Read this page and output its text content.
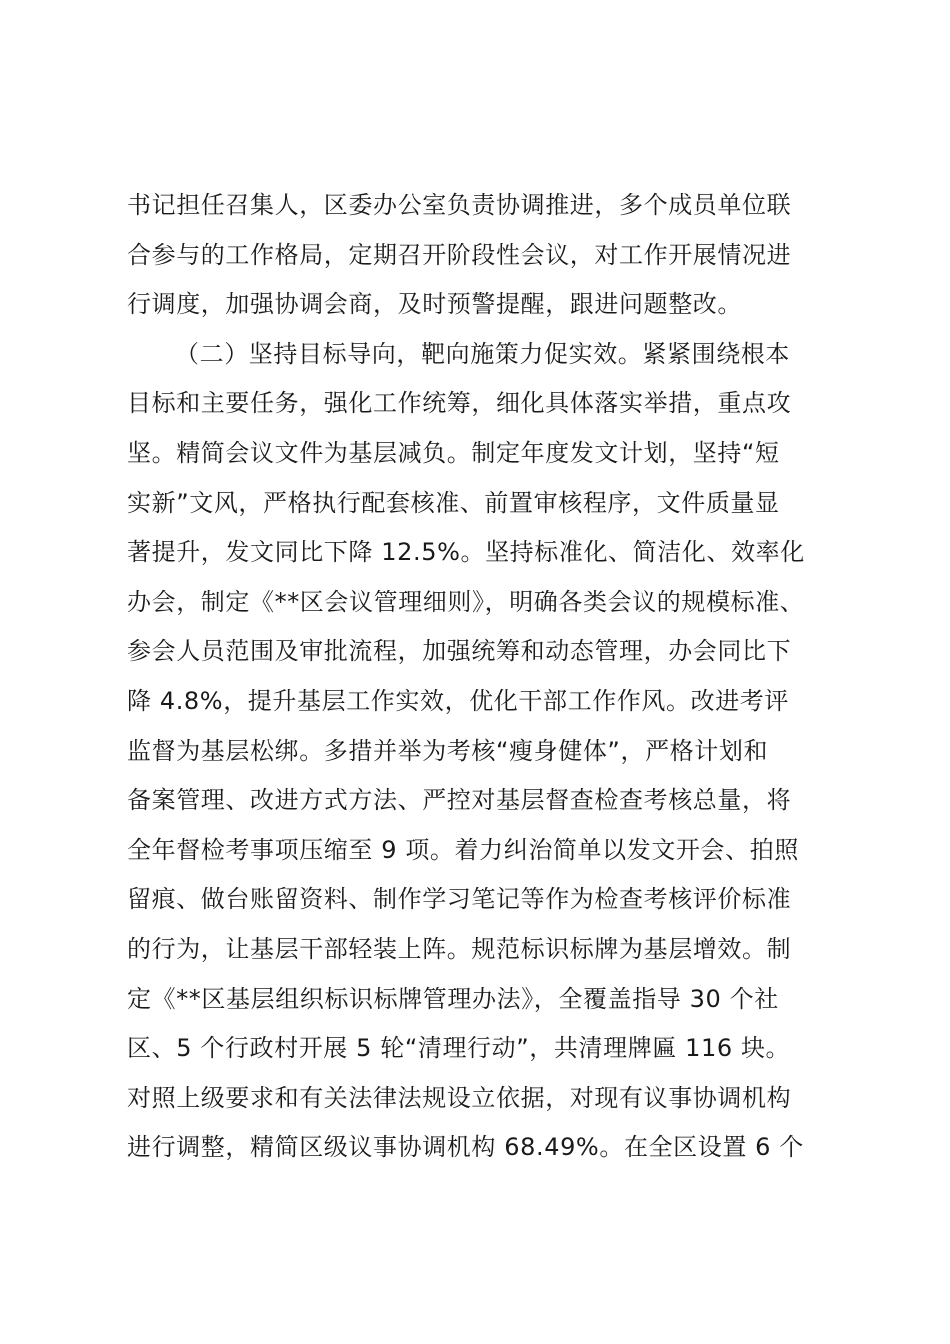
书记担任召集人，区委办公室负责协调推进，多个成员单位联
合参与的工作格局，定期召开阶段性会议，对工作开展情况进
行调度，加强协调会商，及时预警提醒，跟进问题整改。
（二）坚持目标导向，靶向施策力促实效。紧紧围绕根本
目标和主要任务，强化工作统筹，细化具体落实举措，重点攻
坚。精简会议文件为基层减负。制定年度发文计划，坚持“短
实新”文风，严格执行配套核准、前置审核程序，文件质量显
著提升，发文同比下降 12.5%。坚持标准化、简洁化、效率化
办会，制定《**区会议管理细则》，明确各类会议的规模标准、
参会人员范围及审批流程，加强统筹和动态管理，办会同比下
降 4.8%，提升基层工作实效，优化干部工作作风。改进考评
监督为基层松绑。多措并举为考核“瘦身健体”，严格计划和
备案管理、改进方式方法、严控对基层督查检查考核总量，将
全年督检考事项压缩至 9 项。着力纠治简单以发文开会、拍照
留痕、做台账留资料、制作学习笔记等作为检查考核评价标准
的行为，让基层干部轻装上阵。规范标识标牌为基层增效。制
定《**区基层组织标识标牌管理办法》，全覆盖指导 30 个社
区、5 个行政村开展 5 轮“清理行动”，共清理牌匾 116 块。
对照上级要求和有关法律法规设立依据，对现有议事协调机构
进行调整，精简区级议事协调机构 68.49%。在全区设置 6 个
